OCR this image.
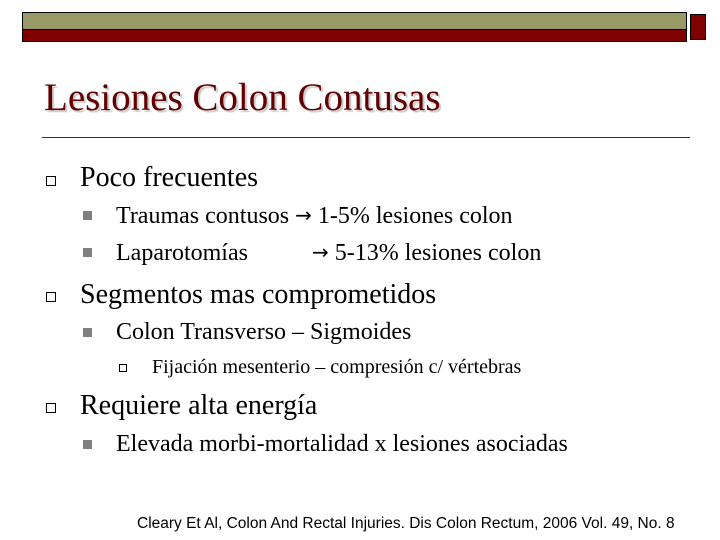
Lesiones Colon Contusas
Poco frecuentes
Traumas contusos → 1-5% lesiones colon
Laparotomías	→ 5-13% lesiones colon
Segmentos mas comprometidos
Colon Transverso – Sigmoides
Fijación mesenterio – compresión c/ vértebras
Requiere alta energía
Elevada morbi-mortalidad x lesiones asociadas
Cleary Et Al, Colon And Rectal Injuries. Dis Colon Rectum, 2006 Vol. 49, No. 8
